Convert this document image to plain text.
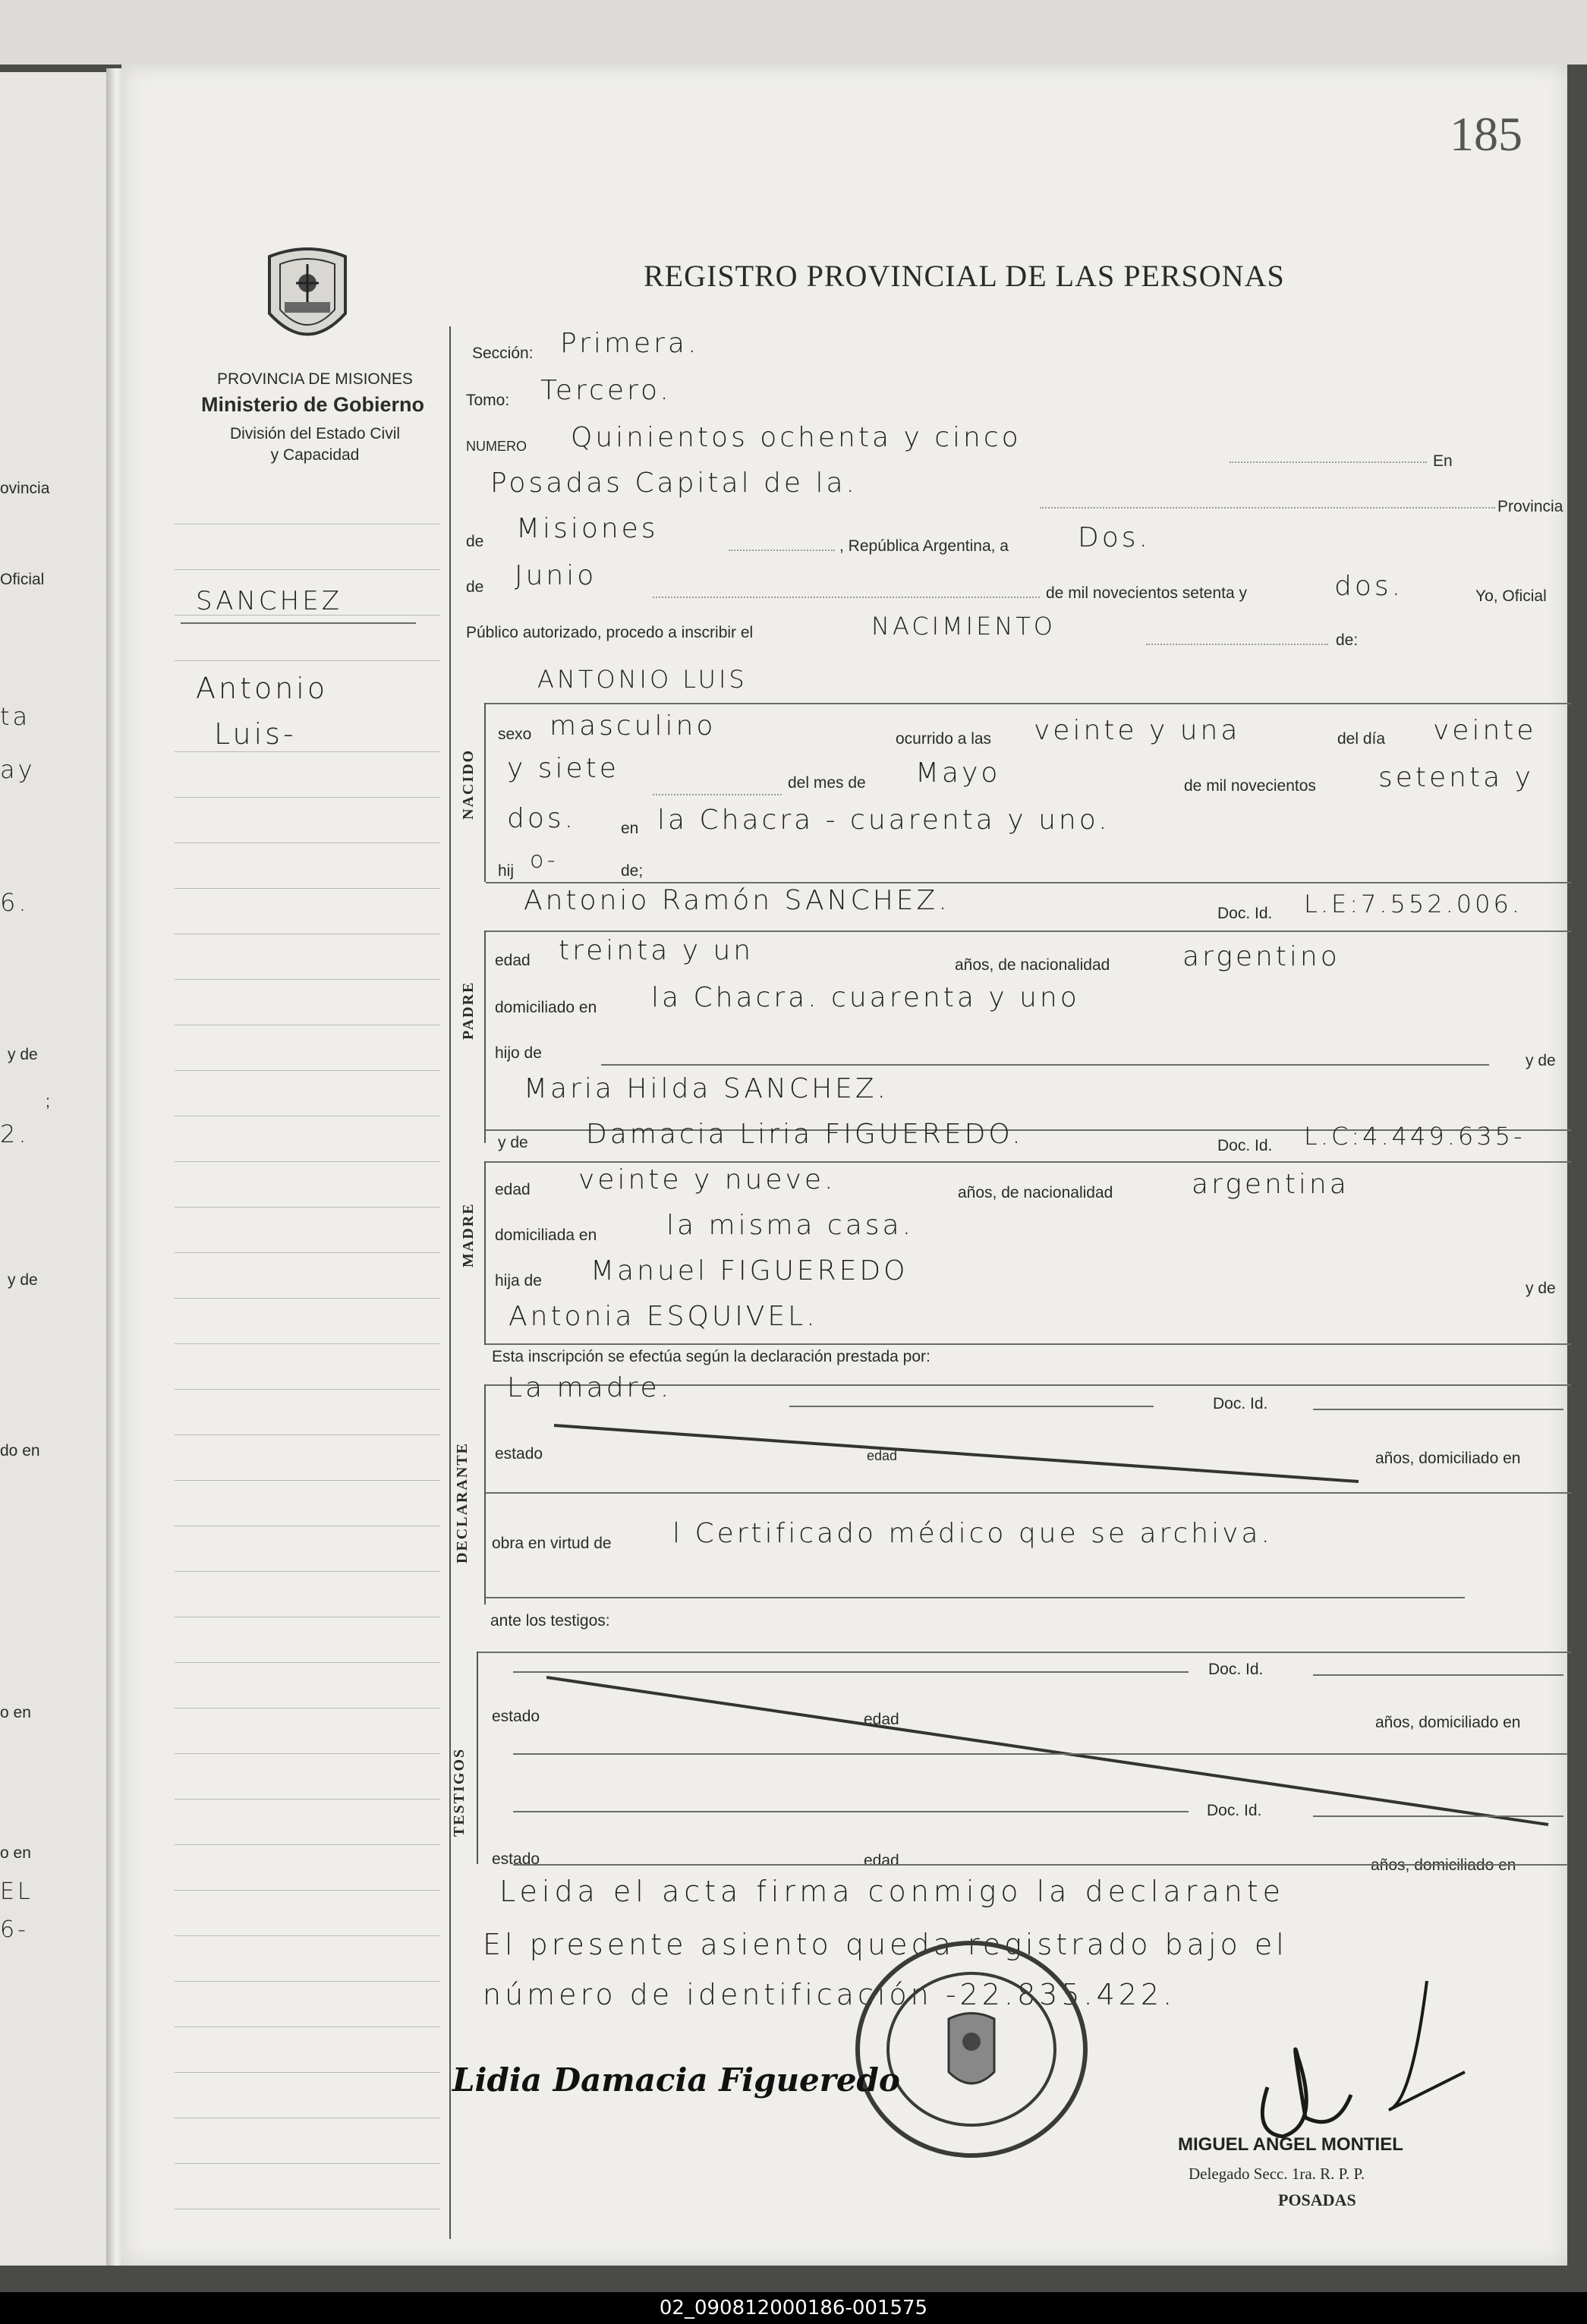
ovincia
Oficial
ta
ay
6.
y de
;
2.
y de
do en
o en
o en
EL
6-
185
REGISTRO PROVINCIAL DE LAS PERSONAS
PROVINCIA DE MISIONES
Ministerio de Gobierno
División del Estado Civil
y Capacidad
SANCHEZ
Antonio
Luis-
Sección: Primera.
Tomo: Tercero.
NUMERO Quinientos ochenta y cinco
En
Posadas Capital de la.
Provincia
de Misiones
, República Argentina, a	Dos.
de Junio
de mil novecientos setenta y	dos.	Yo, Oficial
Público autorizado, procedo a inscribir el	NACIMIENTO	de:
NACIDO
ANTONIO LUIS
sexo masculino	ocurrido a las veinte y una	del día veinte
y siete	del mes de Mayo	de mil novecientos setenta y
dos.	en la Chacra - cuarenta y uno.
hij o-	de;
Antonio Ramón SANCHEZ.	Doc. Id. L.E:7.552.006.
PADRE
edad treinta y un	años, de nacionalidad	argentino
domiciliado en la Chacra. cuarenta y uno
hijo de	y de
Maria Hilda SANCHEZ.
y de Damacia Liria FIGUEREDO.	Doc. Id. L.C:4.449.635-
MADRE
edad veinte y nueve.	años, de nacionalidad	argentina
domiciliada en	la misma casa.
hija de Manuel FIGUEREDO
y de
Antonia ESQUIVEL.
Esta inscripción se efectúa según la declaración prestada por:
DECLARANTE
La madre.
Doc. Id.
estado	edad	años, domiciliado en
obra en virtud de l Certificado médico que se archiva.
ante los testigos:
TESTIGOS
Doc. Id.
estado	edad	años, domiciliado en
Doc. Id.
estado	edad	años, domiciliado en
Leida el acta firma conmigo la declarante
El presente asiento queda registrado bajo el
número de identificación -22.835.422.
Lidia Damacia Figueredo
MIGUEL ANGEL MONTIEL
Delegado Secc. 1ra. R. P. P.
POSADAS
02_090812000186-001575
